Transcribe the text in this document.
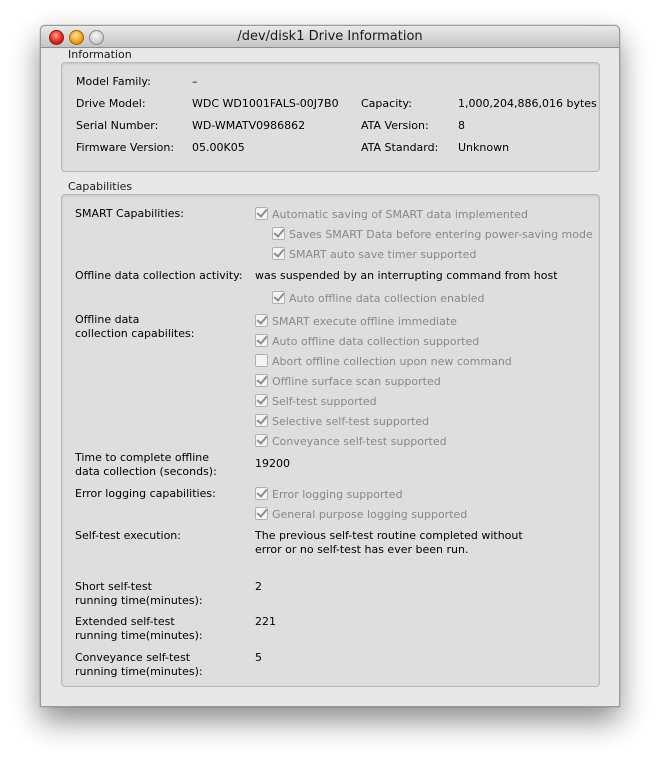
/dev/disk1 Drive Information
Information
Model Family:	–
Drive Model:	WDC WD1001FALS-00J7B0 Capacity:	1,000,204,886,016 bytes
Serial Number:	WD-WMATV0986862	ATA Version:	8
Firmware Version: 05.00K05	ATA Standard: Unknown
Capabilities
SMART Capabilities:	Automatic saving of SMART data implemented
Saves SMART Data before entering power-saving mode
SMART auto save timer supported
Offline data collection activity: was suspended by an interrupting command from host
Auto offline data collection enabled
Offline data
collection capabilites:
SMART execute offline immediate
Auto offline data collection supported
Abort offline collection upon new command
Offline surface scan supported
Self-test supported
Selective self-test supported
Conveyance self-test supported
Time to complete offline
data collection (seconds):
19200
Error logging capabilities:	Error logging supported
General purpose logging supported
Self-test execution:	The previous self-test routine completed without
error or no self-test has ever been run.
Short self-test
running time(minutes):
2
Extended self-test
running time(minutes):
221
Conveyance self-test
running time(minutes):
5
